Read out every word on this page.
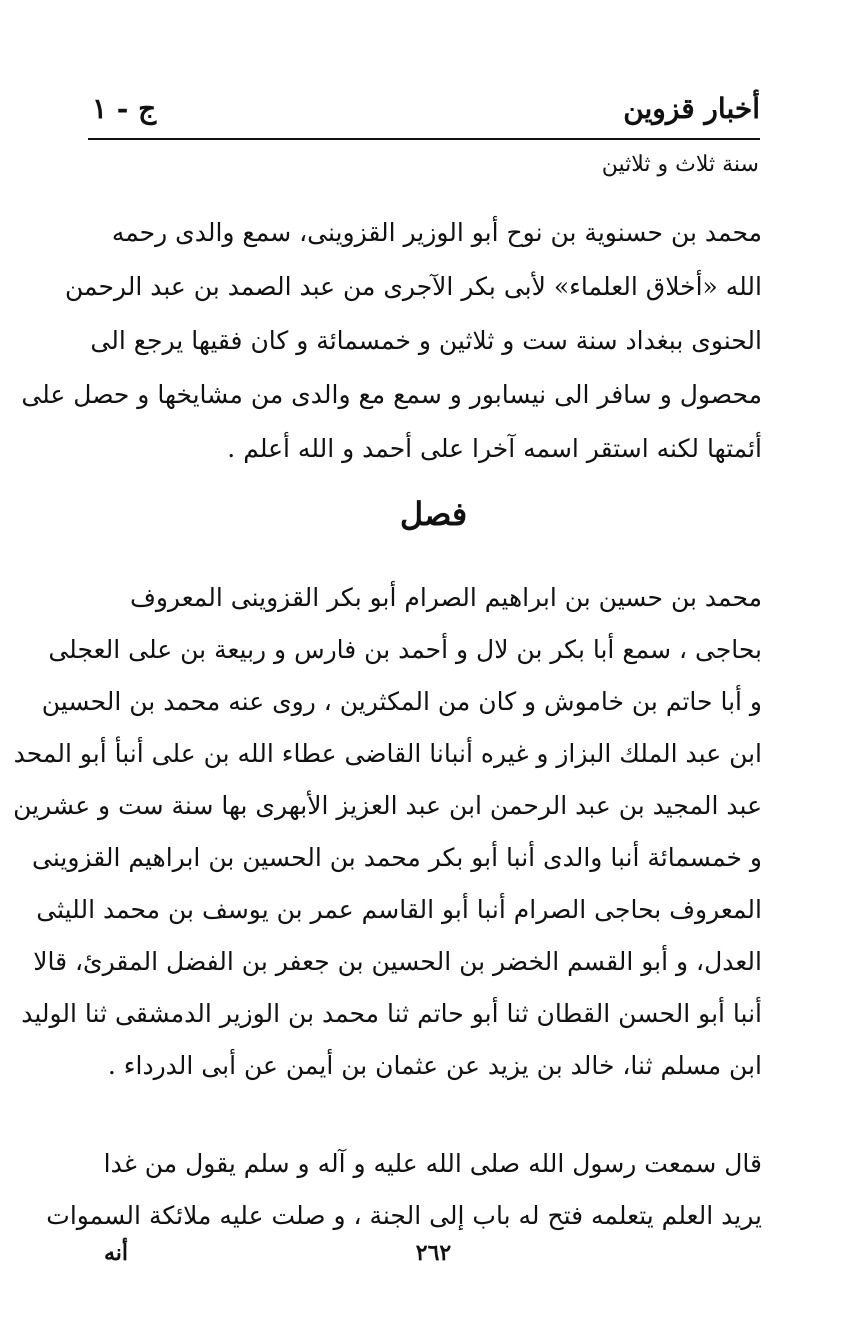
أخبار قزوين
ج - ١
سنة ثلاث و ثلاثين
محمد بن حسنوية بن نوح أبو الوزير القزوينى، سمع والدى رحمه
الله «أخلاق العلماء» لأبى بكر الآجرى من عبد الصمد بن عبد الرحمن
الحنوى ببغداد سنة ست و ثلاثين و خمسمائة و كان فقيها يرجع الى
محصول و سافر الى نيسابور و سمع مع والدى من مشايخها و حصل على
أئمتها لكنه استقر اسمه آخرا على أحمد و الله أعلم .
فصل
محمد بن حسين بن ابراهيم الصرام أبو بكر القزوينى المعروف
بحاجى ، سمع أبا بكر بن لال و أحمد بن فارس و ربيعة بن على العجلى
و أبا حاتم بن خاموش و كان من المكثرين ، روى عنه محمد بن الحسين
ابن عبد الملك البزاز و غيره أنبانا القاضى عطاء الله بن على أنبأ أبو المحد
عبد المجيد بن عبد الرحمن ابن عبد العزيز الأبهرى بها سنة ست و عشرين
و خمسمائة أنبا والدى أنبا أبو بكر محمد بن الحسين بن ابراهيم القزوينى
المعروف بحاجى الصرام أنبا أبو القاسم عمر بن يوسف بن محمد الليثى
العدل، و أبو القسم الخضر بن الحسين بن جعفر بن الفضل المقرئ، قالا
أنبا أبو الحسن القطان ثنا أبو حاتم ثنا محمد بن الوزير الدمشقى ثنا الوليد
ابن مسلم ثنا، خالد بن يزيد عن عثمان بن أيمن عن أبى الدرداء .
قال سمعت رسول الله صلى الله عليه و آله و سلم يقول من غدا
يريد العلم يتعلمه فتح له باب إلى الجنة ، و صلت عليه ملائكة السموات
٢٦٢
أنه
